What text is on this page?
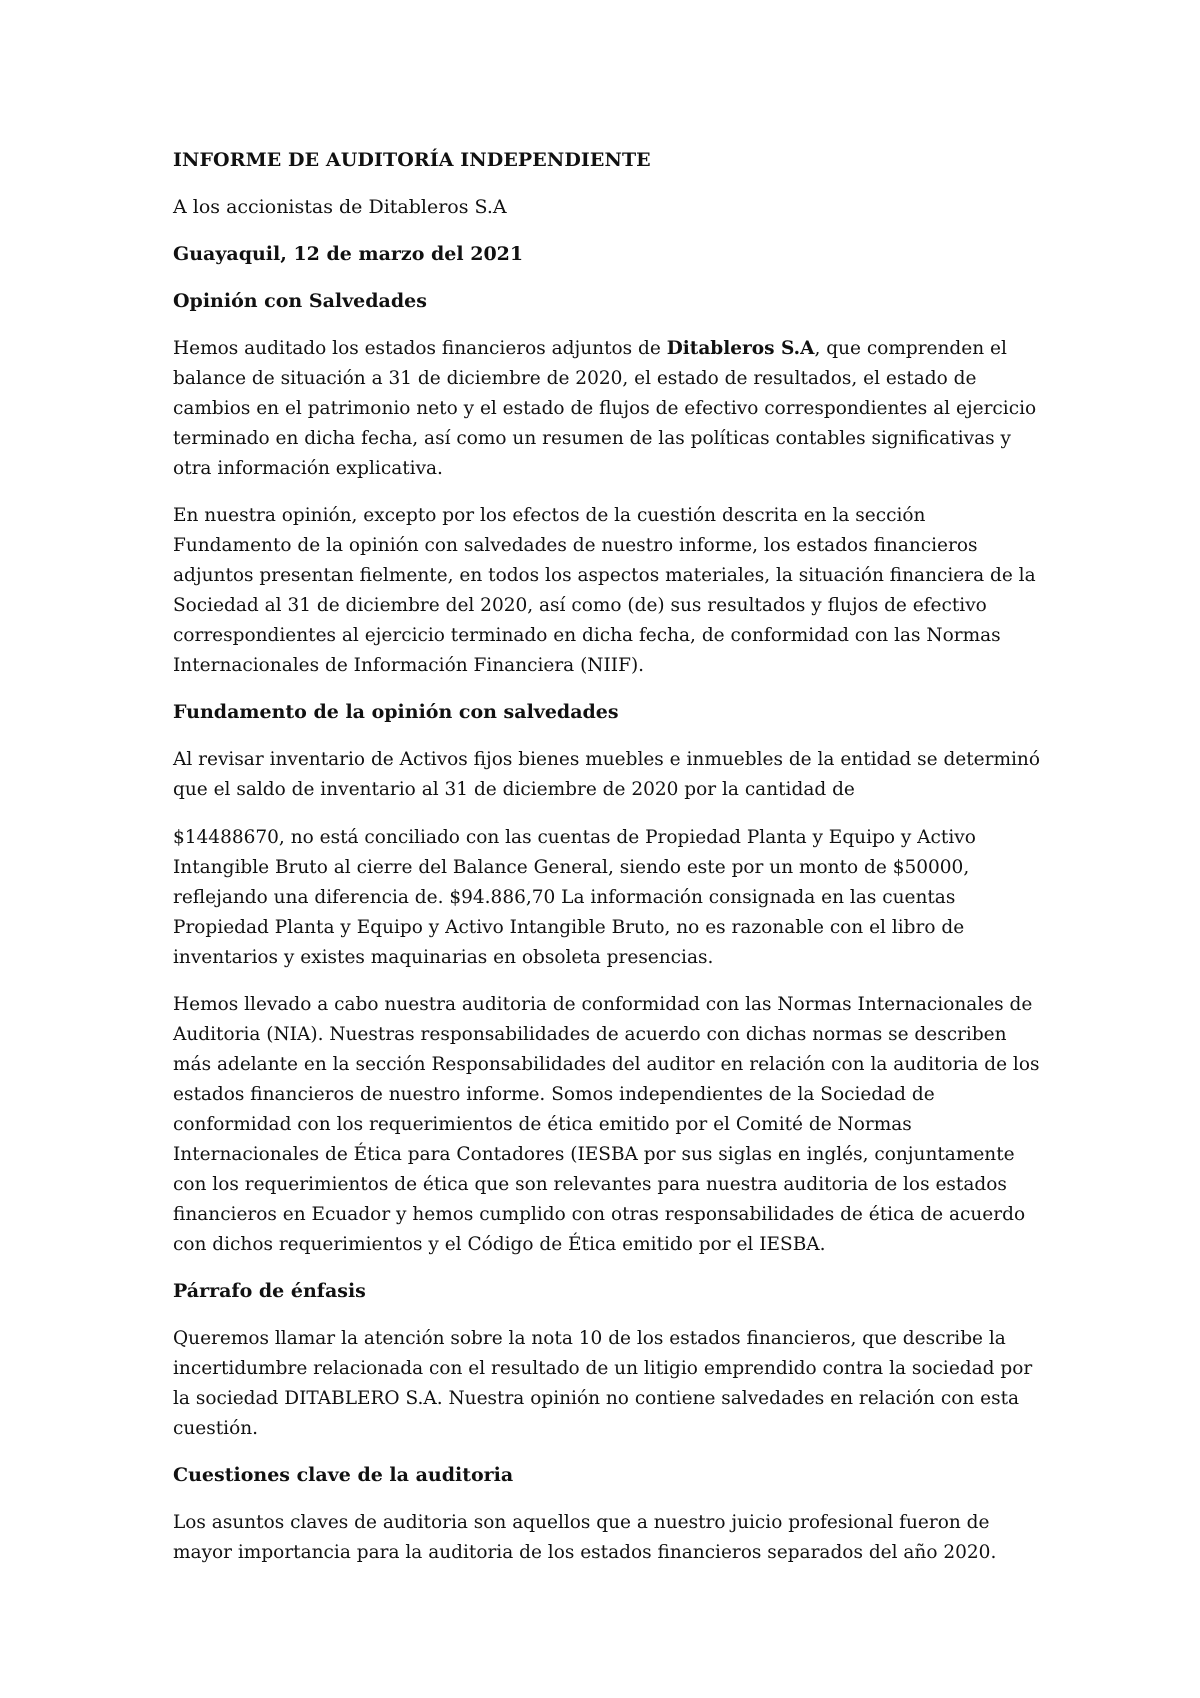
INFORME DE AUDITORÍA INDEPENDIENTE
A los accionistas de Ditableros S.A
Guayaquil, 12 de marzo del 2021
Opinión con Salvedades

Hemos auditado los estados financieros adjuntos de Ditableros S.A, que comprenden el balance de situación a 31 de diciembre de 2020, el estado de resultados, el estado de cambios en el patrimonio neto y el estado de flujos de efectivo correspondientes al ejercicio terminado en dicha fecha, así como un resumen de las políticas contables significativas y otra información explicativa.

En nuestra opinión, excepto por los efectos de la cuestión descrita en la sección Fundamento de la opinión con salvedades de nuestro informe, los estados financieros adjuntos presentan fielmente, en todos los aspectos materiales, la situación financiera de la Sociedad al 31 de diciembre del 2020, así como (de) sus resultados y flujos de efectivo correspondientes al ejercicio terminado en dicha fecha, de conformidad con las Normas Internacionales de Información Financiera (NIIF).

Fundamento de la opinión con salvedades

Al revisar inventario de Activos fijos bienes muebles e inmuebles de la entidad se determinó que el saldo de inventario al 31 de diciembre de 2020 por la cantidad de

$14488670, no está conciliado con las cuentas de Propiedad Planta y Equipo y Activo Intangible Bruto al cierre del Balance General, siendo este por un monto de $50000, reflejando una diferencia de. $94.886,70 La información consignada en las cuentas Propiedad Planta y Equipo y Activo Intangible Bruto, no es razonable con el libro de inventarios y existes maquinarias en obsoleta presencias.

Hemos llevado a cabo nuestra auditoria de conformidad con las Normas Internacionales de Auditoria (NIA). Nuestras responsabilidades de acuerdo con dichas normas se describen más adelante en la sección Responsabilidades del auditor en relación con la auditoria de los estados financieros de nuestro informe. Somos independientes de la Sociedad de conformidad con los requerimientos de ética emitido por el Comité de Normas Internacionales de Ética para Contadores (IESBA por sus siglas en inglés, conjuntamente con los requerimientos de ética que son relevantes para nuestra auditoria de los estados financieros en Ecuador y hemos cumplido con otras responsabilidades de ética de acuerdo con dichos requerimientos y el Código de Ética emitido por el IESBA.

Párrafo de énfasis

Queremos llamar la atención sobre la nota 10 de los estados financieros, que describe la incertidumbre relacionada con el resultado de un litigio emprendido contra la sociedad por la sociedad DITABLERO S.A. Nuestra opinión no contiene salvedades en relación con esta cuestión.

Cuestiones clave de la auditoria

Los asuntos claves de auditoria son aquellos que a nuestro juicio profesional fueron de mayor importancia para la auditoria de los estados financieros separados del año 2020.
